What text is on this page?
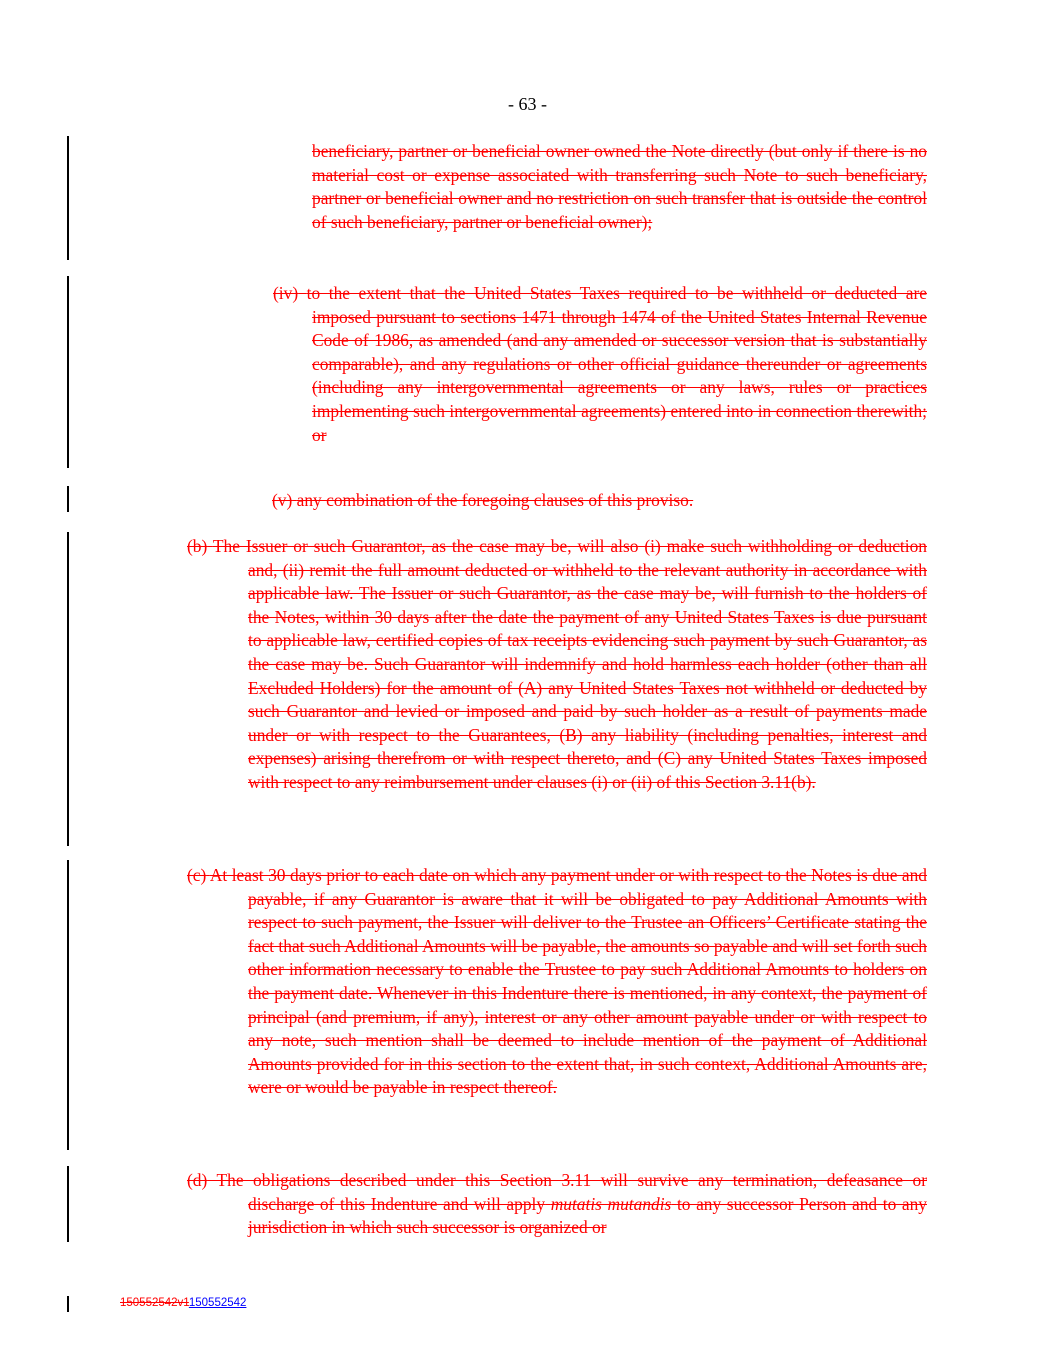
- 63 -
beneficiary, partner or beneficial owner owned the Note directly (but only if there is no material cost or expense associated with transferring such Note to such beneficiary, partner or beneficial owner and no restriction on such transfer that is outside the control of such beneficiary, partner or beneficial owner);
(iv) to the extent that the United States Taxes required to be withheld or deducted are imposed pursuant to sections 1471 through 1474 of the United States Internal Revenue Code of 1986, as amended (and any amended or successor version that is substantially comparable), and any regulations or other official guidance thereunder or agreements (including any intergovernmental agreements or any laws, rules or practices implementing such intergovernmental agreements) entered into in connection therewith; or
(v) any combination of the foregoing clauses of this proviso.
(b) The Issuer or such Guarantor, as the case may be, will also (i) make such withholding or deduction and, (ii) remit the full amount deducted or withheld to the relevant authority in accordance with applicable law. The Issuer or such Guarantor, as the case may be, will furnish to the holders of the Notes, within 30 days after the date the payment of any United States Taxes is due pursuant to applicable law, certified copies of tax receipts evidencing such payment by such Guarantor, as the case may be. Such Guarantor will indemnify and hold harmless each holder (other than all Excluded Holders) for the amount of (A) any United States Taxes not withheld or deducted by such Guarantor and levied or imposed and paid by such holder as a result of payments made under or with respect to the Guarantees, (B) any liability (including penalties, interest and expenses) arising therefrom or with respect thereto, and (C) any United States Taxes imposed with respect to any reimbursement under clauses (i) or (ii) of this Section 3.11(b).
(c) At least 30 days prior to each date on which any payment under or with respect to the Notes is due and payable, if any Guarantor is aware that it will be obligated to pay Additional Amounts with respect to such payment, the Issuer will deliver to the Trustee an Officers’ Certificate stating the fact that such Additional Amounts will be payable, the amounts so payable and will set forth such other information necessary to enable the Trustee to pay such Additional Amounts to holders on the payment date. Whenever in this Indenture there is mentioned, in any context, the payment of principal (and premium, if any), interest or any other amount payable under or with respect to any note, such mention shall be deemed to include mention of the payment of Additional Amounts provided for in this section to the extent that, in such context, Additional Amounts are, were or would be payable in respect thereof.
(d) The obligations described under this Section 3.11 will survive any termination, defeasance or discharge of this Indenture and will apply mutatis mutandis to any successor Person and to any jurisdiction in which such successor is organized or
150552542v1150552542
